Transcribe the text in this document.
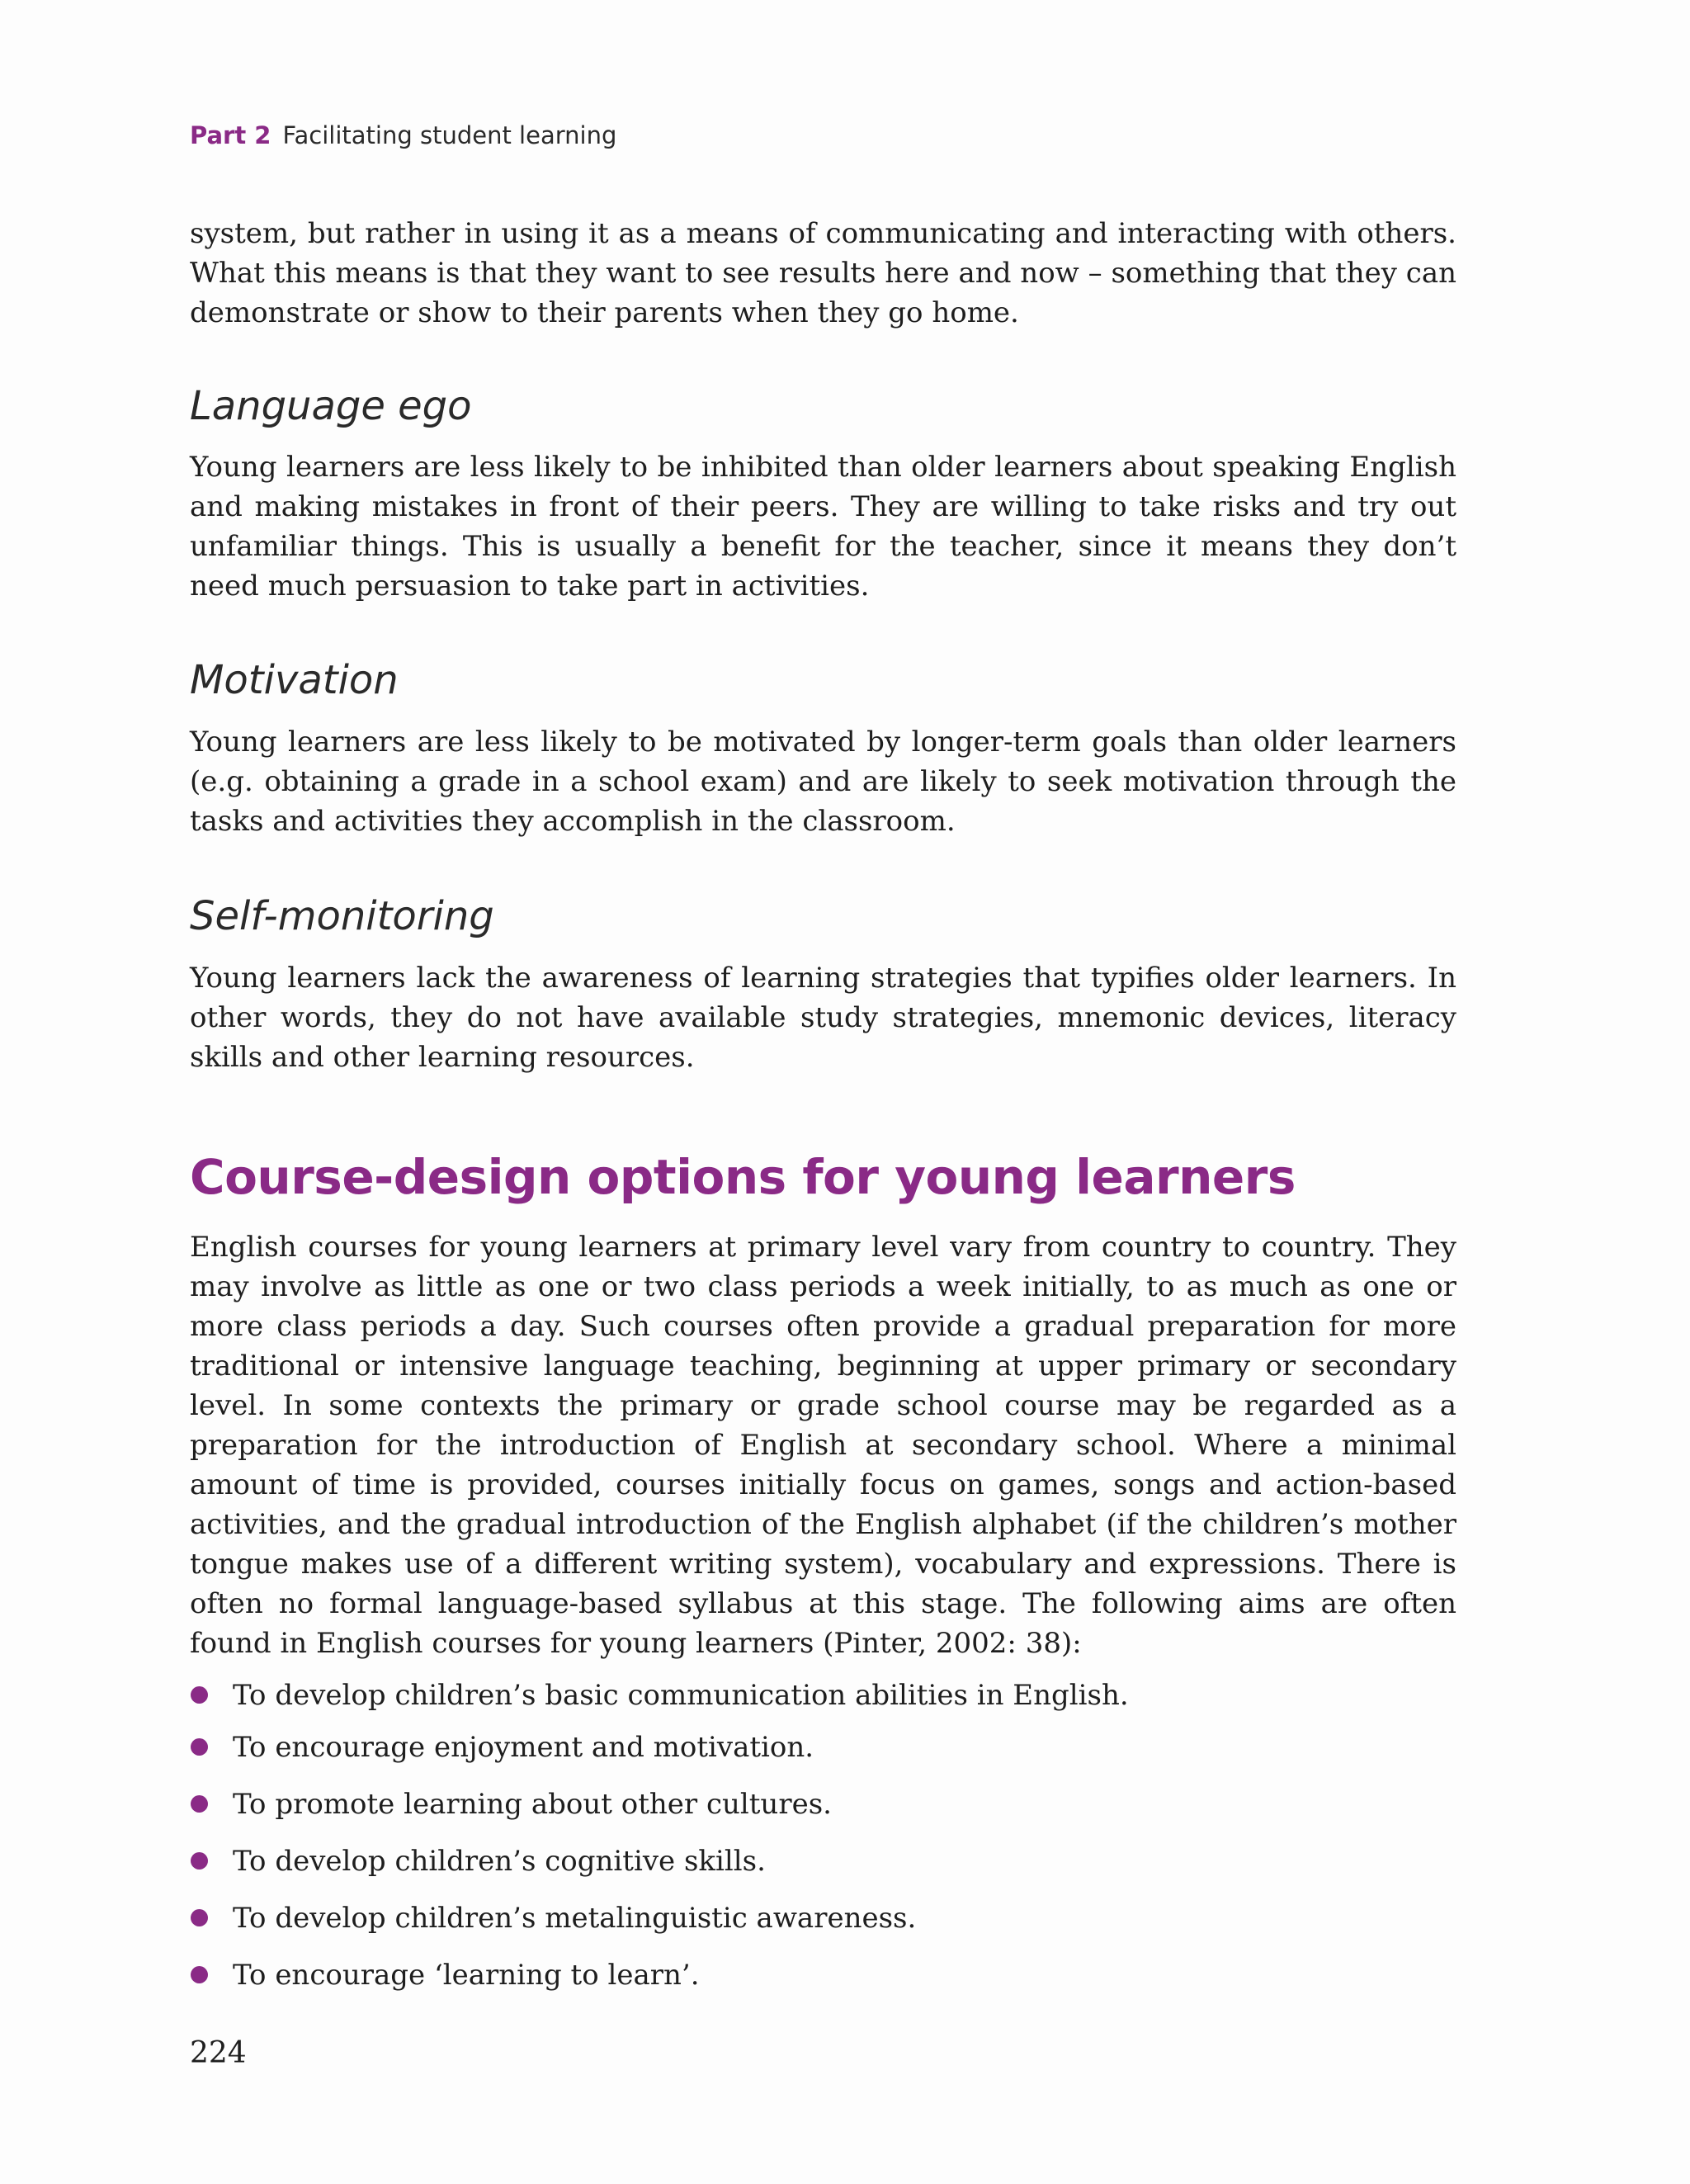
Part 2 Facilitating student learning

system, but rather in using it as a means of communicating and interacting with others. What this means is that they want to see results here and now – something that they can demonstrate or show to their parents when they go home.

Language ego

Young learners are less likely to be inhibited than older learners about speaking English and making mistakes in front of their peers. They are willing to take risks and try out unfamiliar things. This is usually a benefit for the teacher, since it means they don’t need much persuasion to take part in activities.

Motivation

Young learners are less likely to be motivated by longer-term goals than older learners (e.g. obtaining a grade in a school exam) and are likely to seek motivation through the tasks and activities they accomplish in the classroom.

Self-monitoring

Young learners lack the awareness of learning strategies that typifies older learners. In other words, they do not have available study strategies, mnemonic devices, literacy skills and other learning resources.

Course-design options for young learners

English courses for young learners at primary level vary from country to country. They may involve as little as one or two class periods a week initially, to as much as one or more class periods a day. Such courses often provide a gradual preparation for more traditional or intensive language teaching, beginning at upper primary or secondary level. In some contexts the primary or grade school course may be regarded as a preparation for the introduction of English at secondary school. Where a minimal amount of time is provided, courses initially focus on games, songs and action-based activities, and the gradual introduction of the English alphabet (if the children’s mother tongue makes use of a different writing system), vocabulary and expressions. There is often no formal language-based syllabus at this stage. The following aims are often found in English courses for young learners (Pinter, 2002: 38):

To develop children’s basic communication abilities in English.
To encourage enjoyment and motivation.
To promote learning about other cultures.
To develop children’s cognitive skills.
To develop children’s metalinguistic awareness.
To encourage ‘learning to learn’.
224
